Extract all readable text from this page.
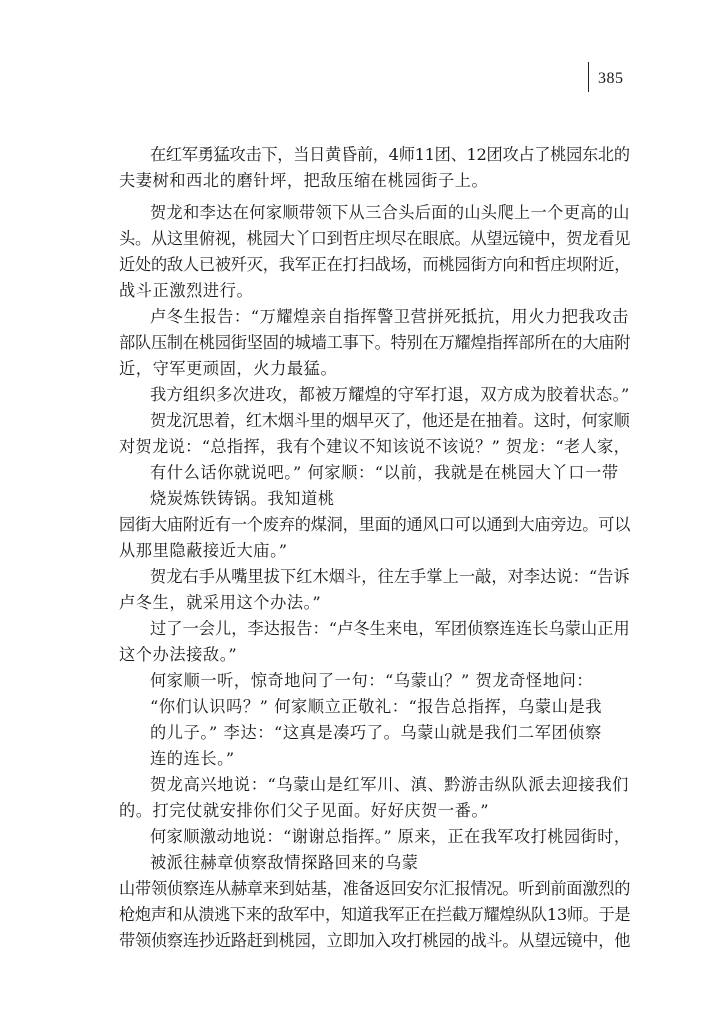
385

在红军勇猛攻击下，当日黄昏前，4师11团、12团攻占了桃园东北的

夫妻树和西北的磨针坪，把敌压缩在桃园街子上。

贺龙和李达在何家顺带领下从三合头后面的山头爬上一个更高的山

头。从这里俯视，桃园大丫口到哲庄坝尽在眼底。从望远镜中，贺龙看见

近处的敌人已被歼灭，我军正在打扫战场，而桃园街方向和哲庄坝附近，

战斗正激烈进行。

卢冬生报告：“万耀煌亲自指挥警卫营拼死抵抗，用火力把我攻击

部队压制在桃园街坚固的城墙工事下。特别在万耀煌指挥部所在的大庙附

近，守军更顽固，火力最猛。

我方组织多次进攻，都被万耀煌的守军打退，双方成为胶着状态。”

贺龙沉思着，红木烟斗里的烟早灭了，他还是在抽着。这时，何家顺

对贺龙说：“总指挥，我有个建议不知该说不该说？” 贺龙：“老人家，

有什么话你就说吧。” 何家顺：“以前，我就是在桃园大丫口一带

烧炭炼铁铸锅。我知道桃

园街大庙附近有一个废弃的煤洞，里面的通风口可以通到大庙旁边。可以

从那里隐蔽接近大庙。”

贺龙右手从嘴里拔下红木烟斗，往左手掌上一敲，对李达说：“告诉

卢冬生，就采用这个办法。”

过了一会儿，李达报告：“卢冬生来电，军团侦察连连长乌蒙山正用

这个办法接敌。”

何家顺一听，惊奇地问了一句：“乌蒙山？” 贺龙奇怪地问：

“你们认识吗？” 何家顺立正敬礼：“报告总指挥，乌蒙山是我

的儿子。” 李达：“这真是凑巧了。乌蒙山就是我们二军团侦察

连的连长。”

贺龙高兴地说：“乌蒙山是红军川、滇、黔游击纵队派去迎接我们

的。打完仗就安排你们父子见面。好好庆贺一番。”

何家顺激动地说：“谢谢总指挥。” 原来，正在我军攻打桃园街时，

被派往赫章侦察敌情探路回来的乌蒙

山带领侦察连从赫章来到姑基，准备返回安尔汇报情况。听到前面激烈的

枪炮声和从溃逃下来的敌军中，知道我军正在拦截万耀煌纵队13师。于是

带领侦察连抄近路赶到桃园，立即加入攻打桃园的战斗。从望远镜中，他
